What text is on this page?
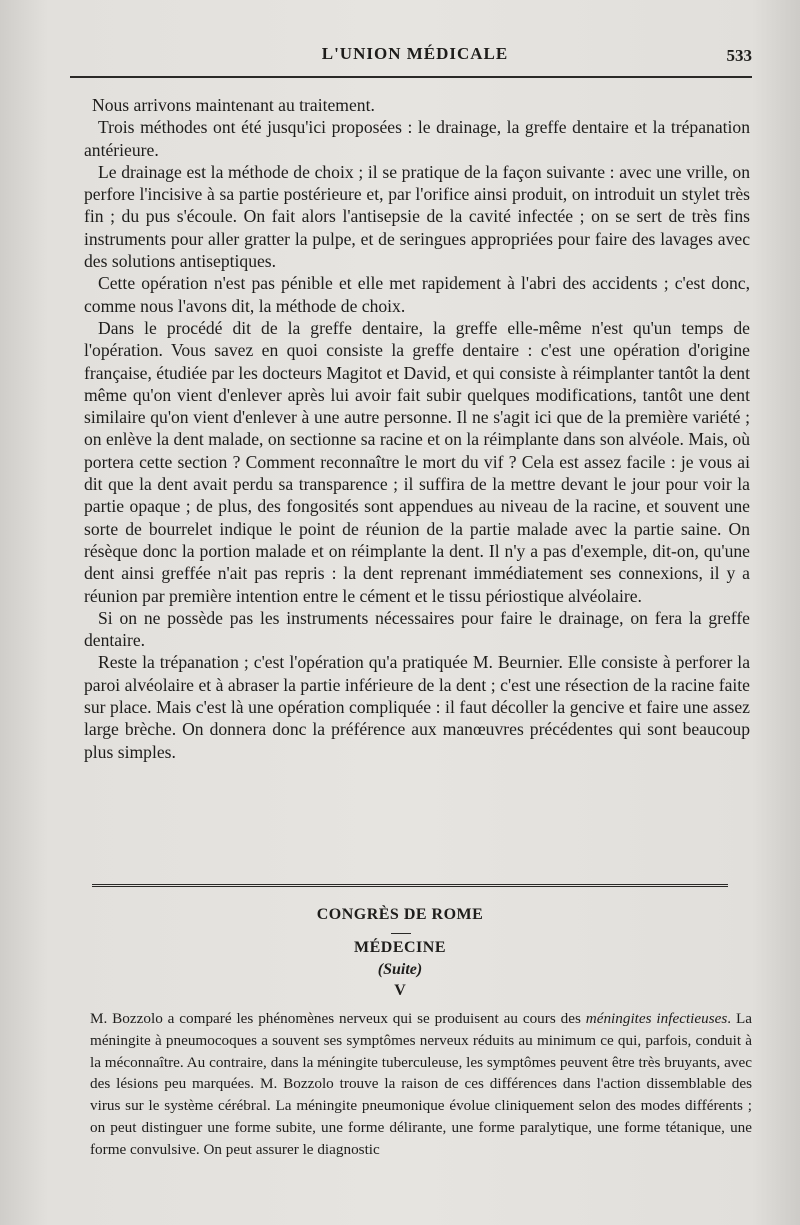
L'UNION MÉDICALE	533

Nous arrivons maintenant au traitement.

Trois méthodes ont été jusqu'ici proposées : le drainage, la greffe dentaire et la trépanation antérieure.

Le drainage est la méthode de choix ; il se pratique de la façon suivante : avec une vrille, on perfore l'incisive à sa partie postérieure et, par l'orifice ainsi produit, on introduit un stylet très fin ; du pus s'écoule. On fait alors l'antisepsie de la cavité infectée ; on se sert de très fins instruments pour aller gratter la pulpe, et de seringues appropriées pour faire des lavages avec des solutions antiseptiques.

Cette opération n'est pas pénible et elle met rapidement à l'abri des accidents ; c'est donc, comme nous l'avons dit, la méthode de choix.

Dans le procédé dit de la greffe dentaire, la greffe elle-même n'est qu'un temps de l'opération. Vous savez en quoi consiste la greffe dentaire : c'est une opération d'origine française, étudiée par les docteurs Magitot et David, et qui consiste à réimplanter tantôt la dent même qu'on vient d'enlever après lui avoir fait subir quelques modifications, tantôt une dent similaire qu'on vient d'enlever à une autre personne. Il ne s'agit ici que de la première variété ; on enlève la dent malade, on sectionne sa racine et on la réimplante dans son alvéole. Mais, où portera cette section ? Comment reconnaître le mort du vif ? Cela est assez facile : je vous ai dit que la dent avait perdu sa transparence ; il suffira de la mettre devant le jour pour voir la partie opaque ; de plus, des fongosités sont appendues au niveau de la racine, et souvent une sorte de bourrelet indique le point de réunion de la partie malade avec la partie saine. On résèque donc la portion malade et on réimplante la dent. Il n'y a pas d'exemple, dit-on, qu'une dent ainsi greffée n'ait pas repris : la dent reprenant immédiatement ses connexions, il y a réunion par première intention entre le cément et le tissu périostique alvéolaire.

Si on ne possède pas les instruments nécessaires pour faire le drainage, on fera la greffe dentaire.

Reste la trépanation ; c'est l'opération qu'a pratiquée M. Beurnier. Elle consiste à perforer la paroi alvéolaire et à abraser la partie inférieure de la dent ; c'est une résection de la racine faite sur place. Mais c'est là une opération compliquée : il faut décoller la gencive et faire une assez large brèche. On donnera donc la préférence aux manœuvres précédentes qui sont beaucoup plus simples.

CONGRÈS DE ROME
MÉDECINE
(Suite)
V

M. Bozzolo a comparé les phénomènes nerveux qui se produisent au cours des méningites infectieuses. La méningite à pneumocoques a souvent ses symptômes nerveux réduits au minimum ce qui, parfois, conduit à la méconnaître. Au contraire, dans la méningite tuberculeuse, les symptômes peuvent être très bruyants, avec des lésions peu marquées. M. Bozzolo trouve la raison de ces différences dans l'action dissemblable des virus sur le système cérébral. La méningite pneumonique évolue cliniquement selon des modes différents ; on peut distinguer une forme subite, une forme délirante, une forme paralytique, une forme tétanique, une forme convulsive. On peut assurer le diagnostic
